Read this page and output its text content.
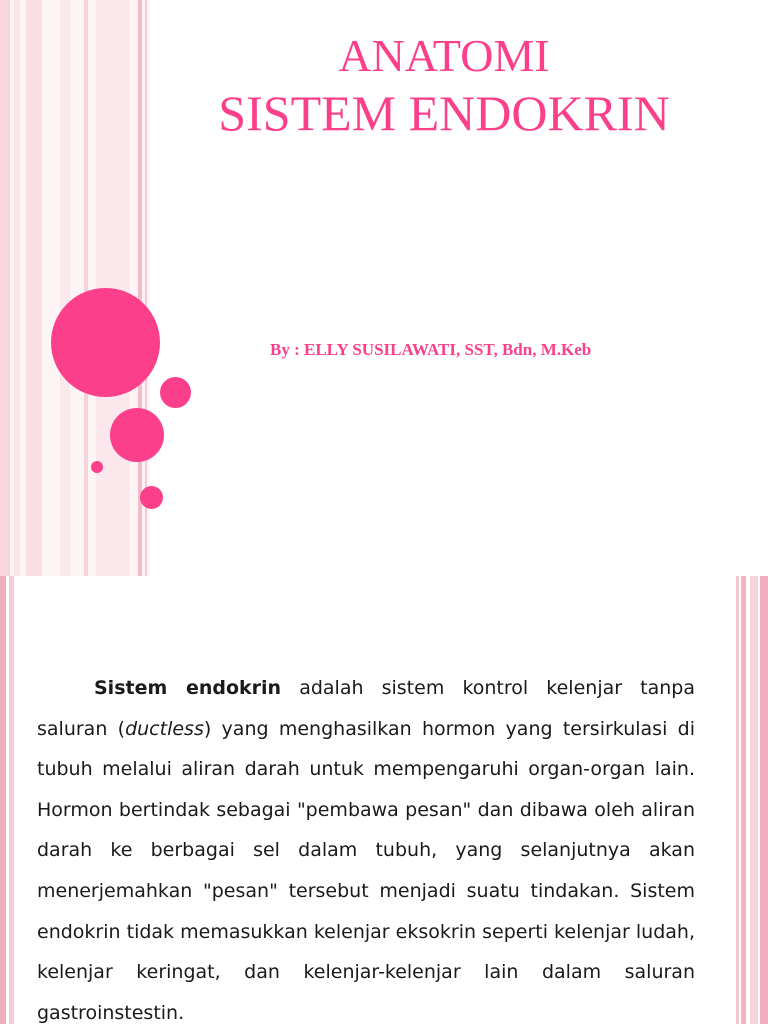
ANATOMI
SISTEM ENDOKRIN
By : ELLY SUSILAWATI, SST, Bdn, M.Keb

Sistem endokrin adalah sistem kontrol kelenjar tanpa saluran (ductless) yang menghasilkan hormon yang tersirkulasi di tubuh melalui aliran darah untuk mempengaruhi organ-organ lain. Hormon bertindak sebagai "pembawa pesan" dan dibawa oleh aliran darah ke berbagai sel dalam tubuh, yang selanjutnya akan menerjemahkan "pesan" tersebut menjadi suatu tindakan. Sistem endokrin tidak memasukkan kelenjar eksokrin seperti kelenjar ludah, kelenjar keringat, dan kelenjar-kelenjar lain dalam saluran gastroinstestin.
